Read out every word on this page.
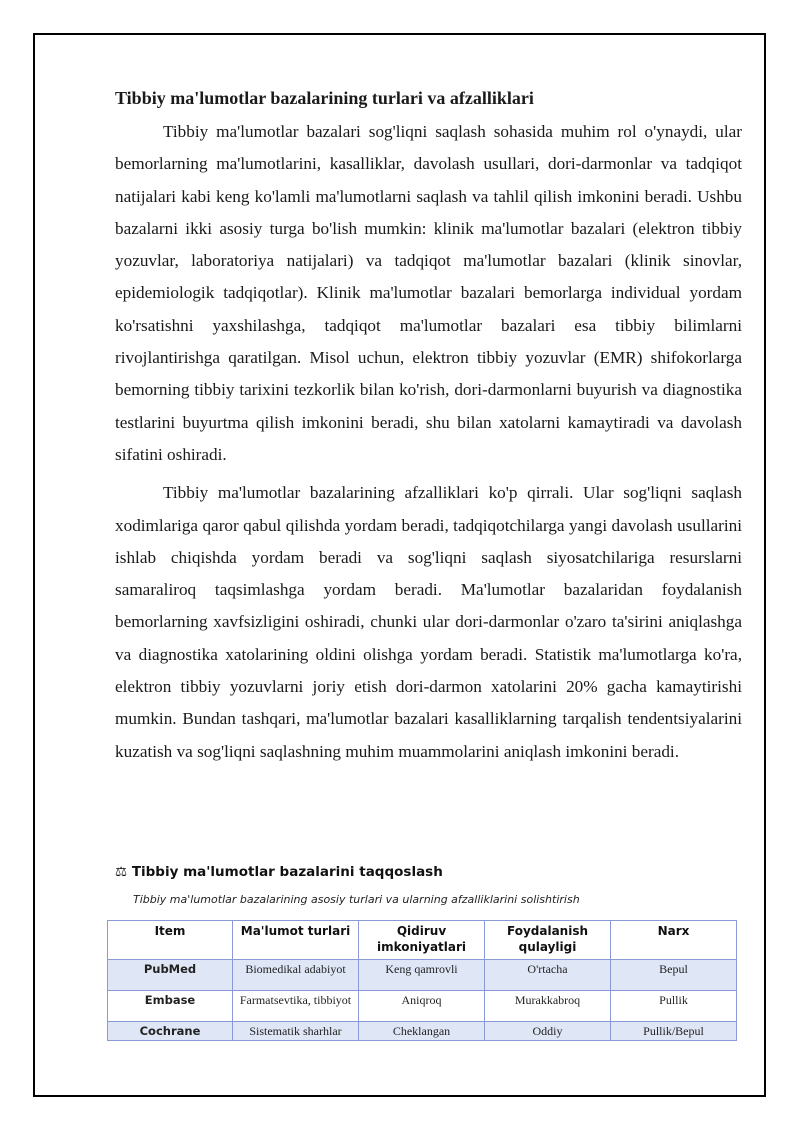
Tibbiy ma'lumotlar bazalarining turlari va afzalliklari

Tibbiy ma'lumotlar bazalari sog'liqni saqlash sohasida muhim rol o'ynaydi, ular bemorlarning ma'lumotlarini, kasalliklar, davolash usullari, dori-darmonlar va tadqiqot natijalari kabi keng ko'lamli ma'lumotlarni saqlash va tahlil qilish imkonini beradi. Ushbu bazalarni ikki asosiy turga bo'lish mumkin: klinik ma'lumotlar bazalari (elektron tibbiy yozuvlar, laboratoriya natijalari) va tadqiqot ma'lumotlar bazalari (klinik sinovlar, epidemiologik tadqiqotlar). Klinik ma'lumotlar bazalari bemorlarga individual yordam ko'rsatishni yaxshilashga, tadqiqot ma'lumotlar bazalari esa tibbiy bilimlarni rivojlantirishga qaratilgan. Misol uchun, elektron tibbiy yozuvlar (EMR) shifokorlarga bemorning tibbiy tarixini tezkorlik bilan ko'rish, dori-darmonlarni buyurish va diagnostika testlarini buyurtma qilish imkonini beradi, shu bilan xatolarni kamaytiradi va davolash sifatini oshiradi.

Tibbiy ma'lumotlar bazalarining afzalliklari ko'p qirrali. Ular sog'liqni saqlash xodimlariga qaror qabul qilishda yordam beradi, tadqiqotchilarga yangi davolash usullarini ishlab chiqishda yordam beradi va sog'liqni saqlash siyosatchilariga resurslarni samaraliroq taqsimlashga yordam beradi. Ma'lumotlar bazalaridan foydalanish bemorlarning xavfsizligini oshiradi, chunki ular dori-darmonlar o'zaro ta'sirini aniqlashga va diagnostika xatolarining oldini olishga yordam beradi. Statistik ma'lumotlarga ko'ra, elektron tibbiy yozuvlarni joriy etish dori-darmon xatolarini 20% gacha kamaytirishi mumkin. Bundan tashqari, ma'lumotlar bazalari kasalliklarning tarqalish tendentsiyalarini kuzatish va sog'liqni saqlashning muhim muammolarini aniqlash imkonini beradi.

⚖ Tibbiy ma'lumotlar bazalarini taqqoslash
Tibbiy ma'lumotlar bazalarining asosiy turlari va ularning afzalliklarini solishtirish
Item	Ma'lumot turlari	Qidiruv imkoniyatlari	Foydalanish qulayligi	Narx
PubMed	Biomedikal adabiyot	Keng qamrovli	O'rtacha	Bepul
Embase	Farmatsevtika, tibbiyot	Aniqroq	Murakkabroq	Pullik
Cochrane	Sistematik sharhlar	Cheklangan	Oddiy	Pullik/Bepul
